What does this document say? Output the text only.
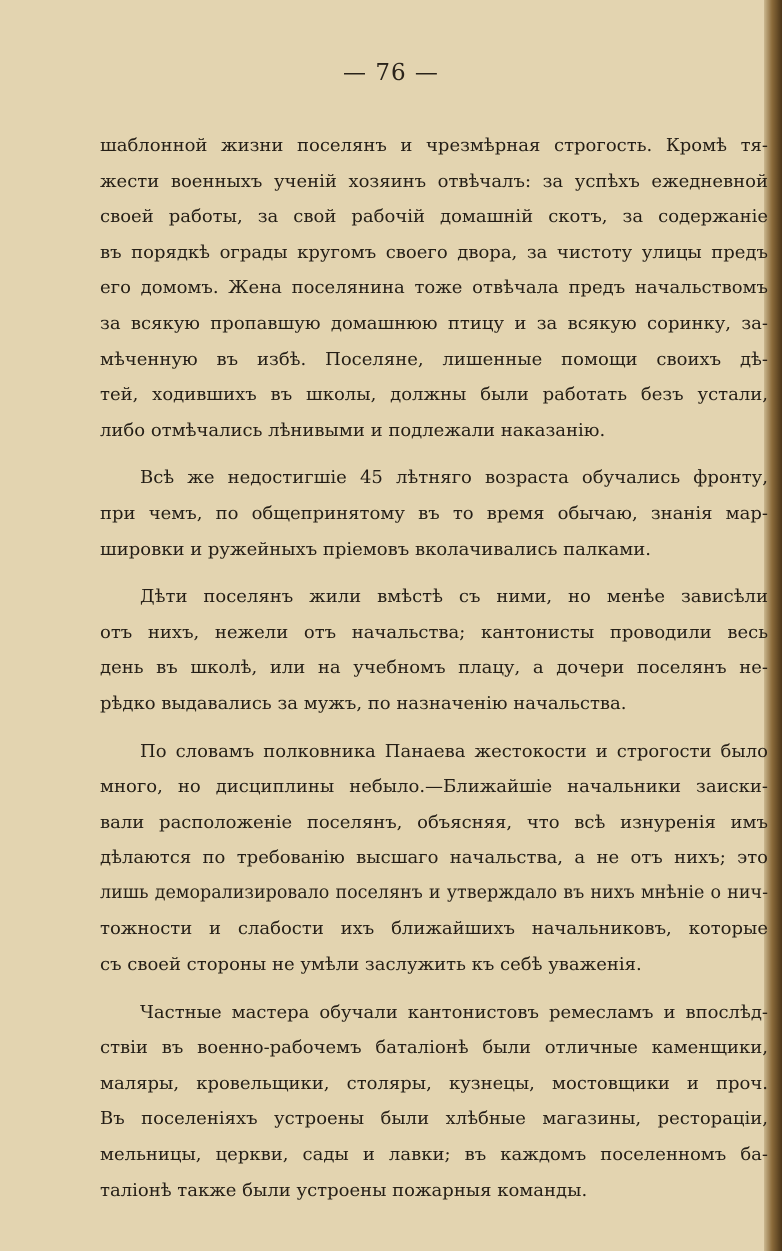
— 76 —
шаблонной жизни поселянъ и чрезмѣрная строгость. Кромѣ тя-
жести военныхъ ученій хозяинъ отвѣчалъ: за успѣхъ ежедневной
своей работы, за свой рабочій домашній скотъ, за содержаніе
въ порядкѣ ограды кругомъ своего двора, за чистоту улицы предъ
его домомъ. Жена поселянина тоже отвѣчала предъ начальствомъ
за всякую пропавшую домашнюю птицу и за всякую соринку, за-
мѣченную въ избѣ. Поселяне, лишенные помощи своихъ дѣ-
тей, ходившихъ въ школы, должны были работать безъ устали,
либо отмѣчались лѣнивыми и подлежали наказанію.
Всѣ же недостигшіе 45 лѣтняго возраста обучались фронту,
при чемъ, по общепринятому въ то время обычаю, знанія мар-
шировки и ружейныхъ пріемовъ вколачивались палками.
Дѣти поселянъ жили вмѣстѣ съ ними, но менѣе зависѣли
отъ нихъ, нежели отъ начальства; кантонисты проводили весь
день въ школѣ, или на учебномъ плацу, а дочери поселянъ не-
рѣдко выдавались за мужъ, по назначенію начальства.
По словамъ полковника Панаева жестокости и строгости было
много, но дисциплины небыло.—Ближайшіе начальники заиски-
вали расположеніе поселянъ, объясняя, что всѣ изнуренія имъ
дѣлаются по требованію высшаго начальства, а не отъ нихъ; это
лишь деморализировало поселянъ и утверждало въ нихъ мнѣніе о нич-
тожности и слабости ихъ ближайшихъ начальниковъ, которые
съ своей стороны не умѣли заслужить къ себѣ уваженія.
Частные мастера обучали кантонистовъ ремесламъ и впослѣд-
ствіи въ военно-рабочемъ баталіонѣ были отличные каменщики,
маляры, кровельщики, столяры, кузнецы, мостовщики и проч.
Въ поселеніяхъ устроены были хлѣбные магазины, рестораціи,
мельницы, церкви, сады и лавки; въ каждомъ поселенномъ ба-
таліонѣ также были устроены пожарныя команды.
